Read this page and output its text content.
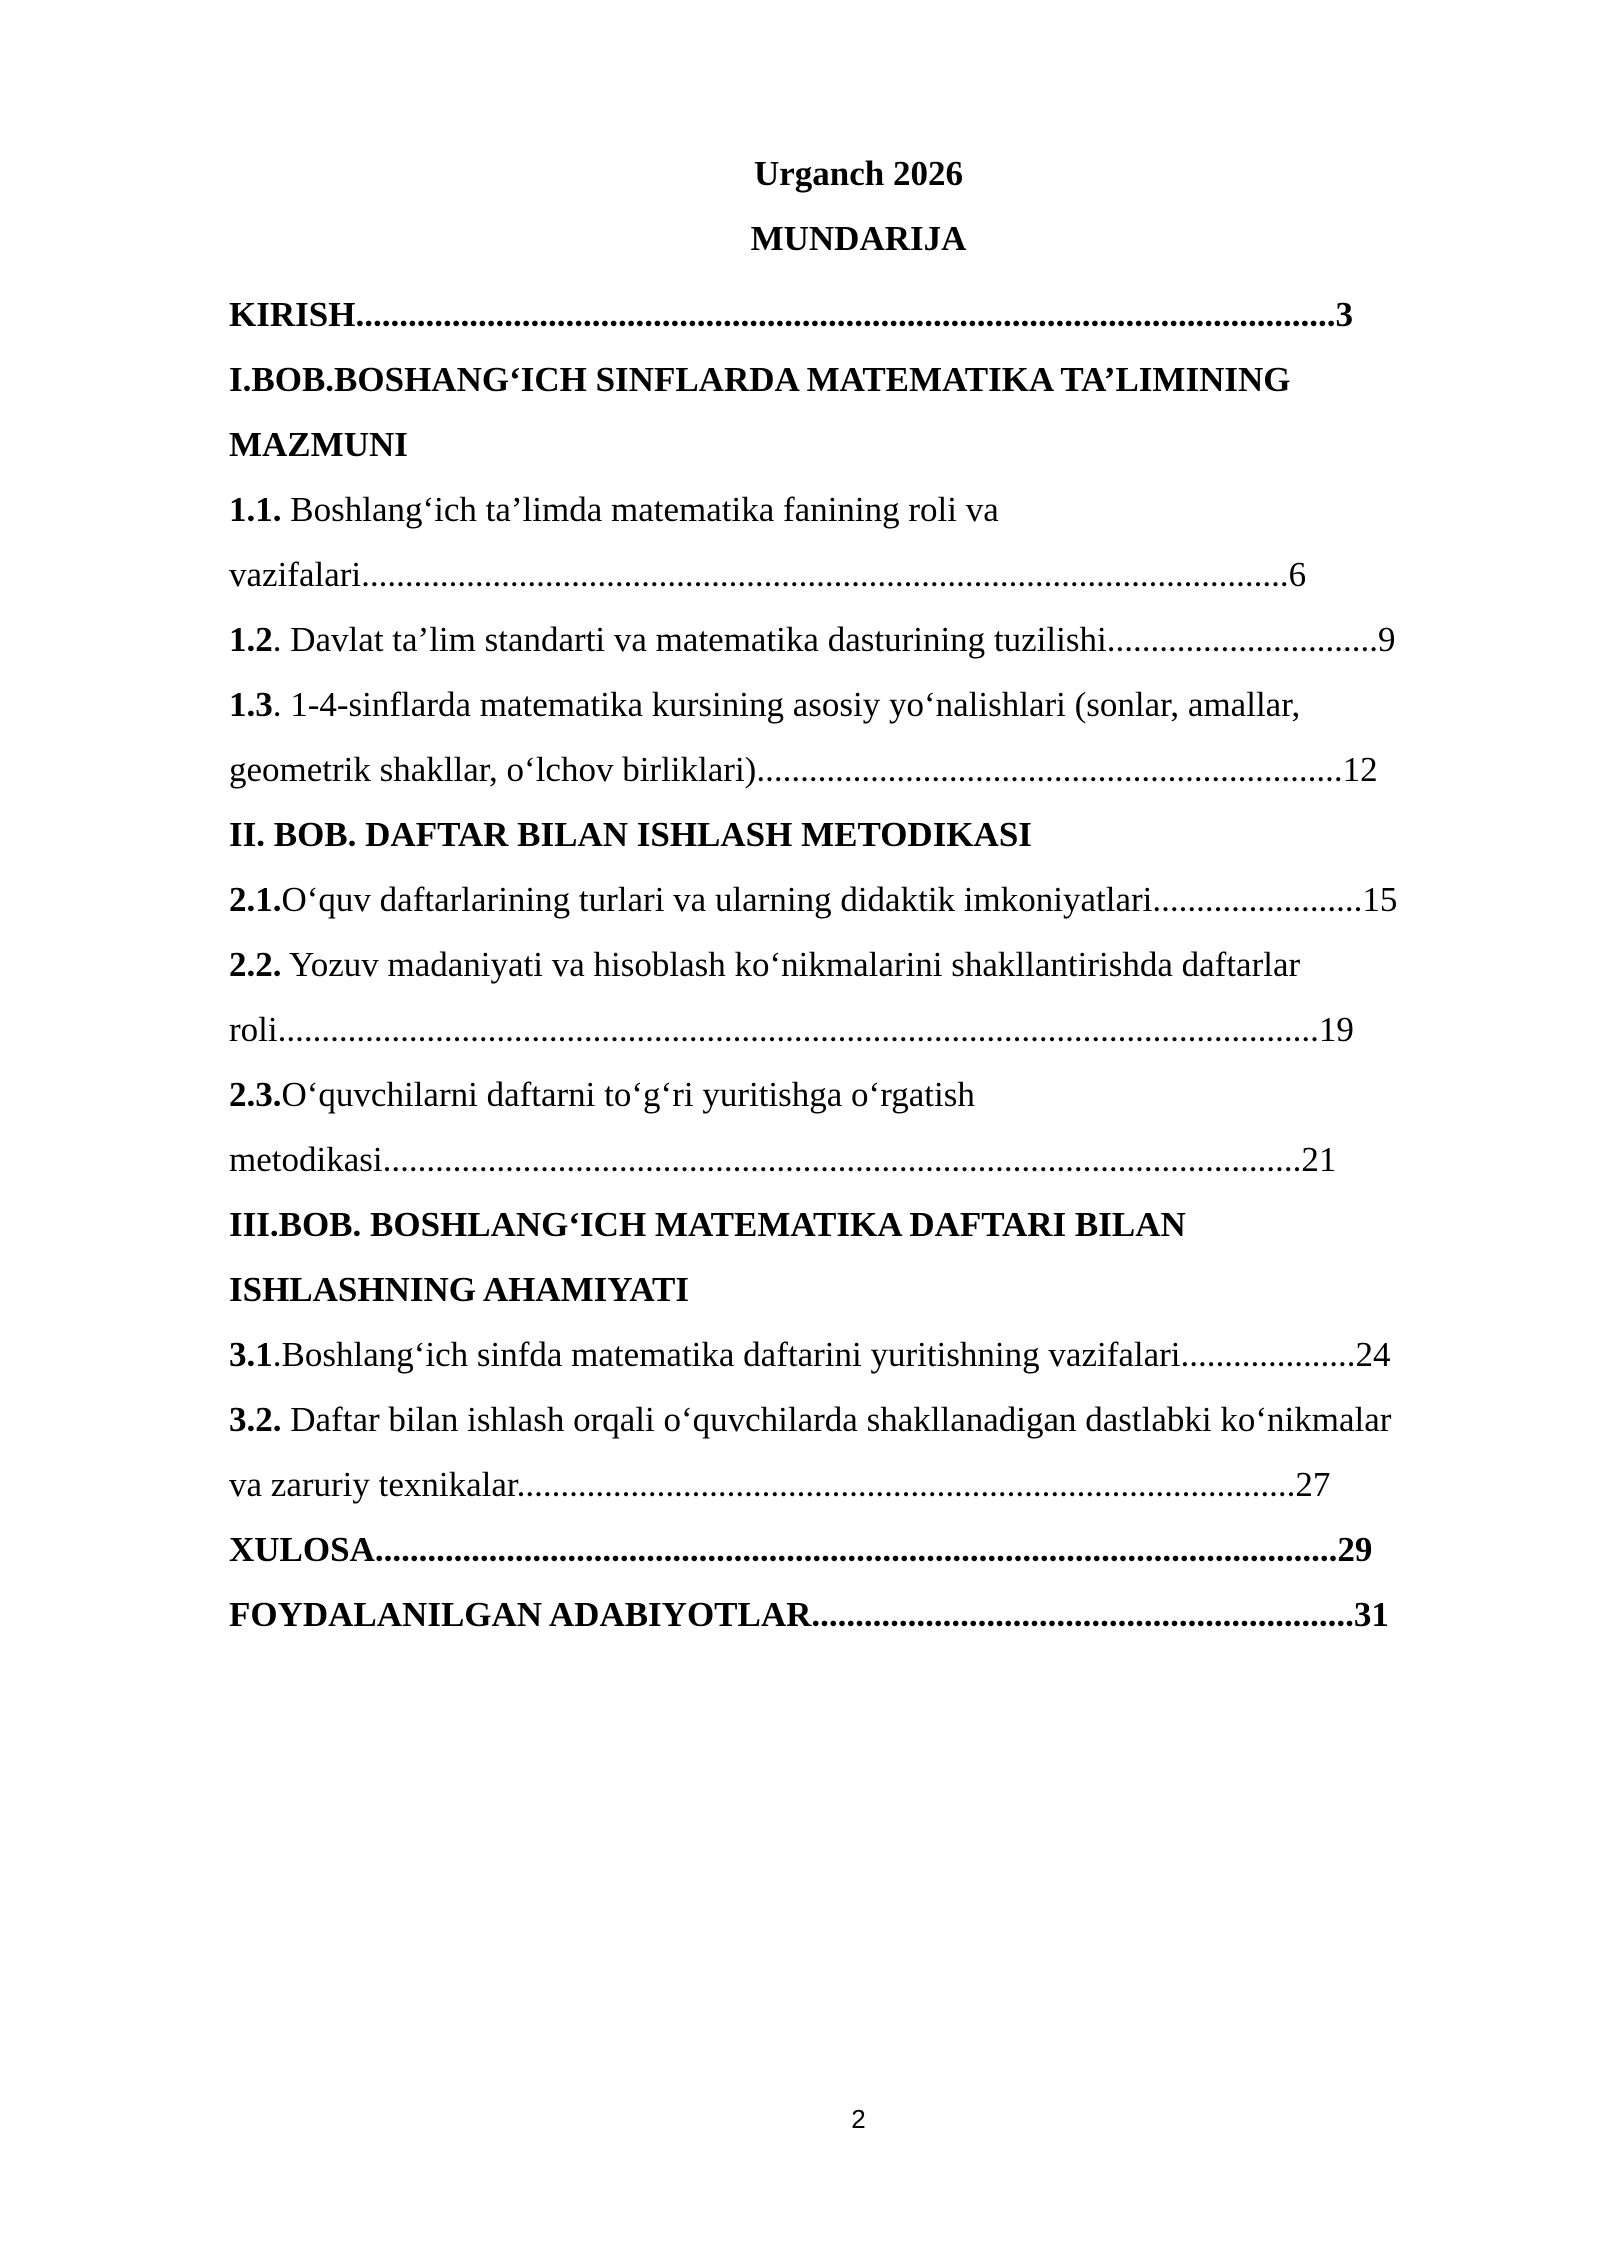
Urganch 2026
MUNDARIJA

KIRISH................................................................................................................3

I.BOB.BOSHANG‘ICH SINFLARDA MATEMATIKA TA’LIMINING
MAZMUNI

1.1. Boshlang‘ich ta’limda matematika fanining roli va
vazifalari..........................................................................................................6

1.2. Davlat ta’lim standarti va matematika dasturining tuzilishi...............................9

1.3. 1-4-sinflarda matematika kursining asosiy yo‘nalishlari (sonlar, amallar,
geometrik shakllar, o‘lchov birliklari)...................................................................12

II. BOB. DAFTAR BILAN ISHLASH METODIKASI

2.1.O‘quv daftarlarining turlari va ularning didaktik imkoniyatlari........................15

2.2. Yozuv madaniyati va hisoblash ko‘nikmalarini shakllantirishda daftarlar
roli.......................................................................................................................19

2.3.O‘quvchilarni daftarni to‘g‘ri yuritishga o‘rgatish
metodikasi.........................................................................................................21

III.BOB. BOSHLANG‘ICH MATEMATIKA DAFTARI BILAN
ISHLASHNING AHAMIYATI

3.1.Boshlang‘ich sinfda matematika daftarini yuritishning vazifalari....................24

3.2. Daftar bilan ishlash orqali o‘quvchilarda shakllanadigan dastlabki ko‘nikmalar
va zaruriy texnikalar.........................................................................................27

XULOSA..............................................................................................................29

FOYDALANILGAN ADABIYOTLAR..............................................................31

2
